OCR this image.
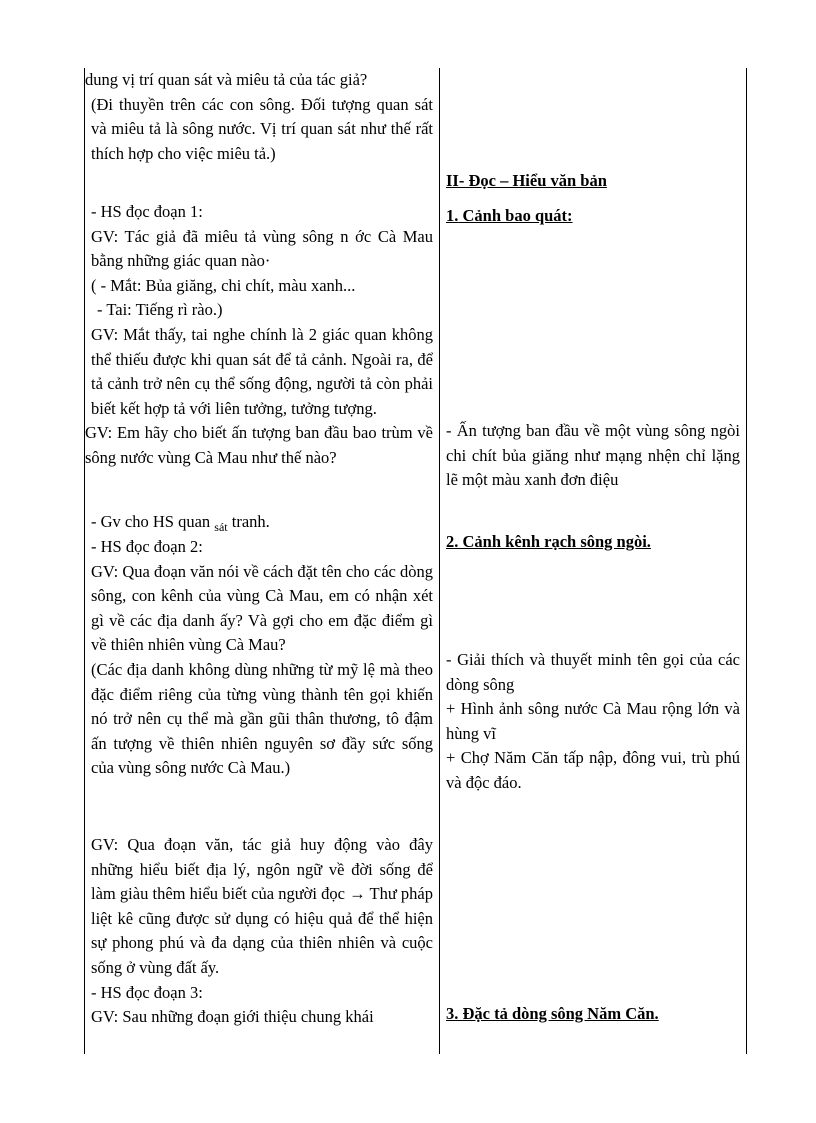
dung vị trí quan sát và miêu tả của tác giả?

(Đi thuyền trên các con sông. Đối tượng quan sát và miêu tả là sông nước. Vị trí quan sát như thế rất thích hợp cho việc miêu tả.)

- HS đọc đoạn 1:

GV: Tác giả đã miêu tả vùng sông n ớc Cà Mau bằng những giác quan nào·

( - Mắt: Bủa giăng, chi chít, màu xanh...

- Tai: Tiếng rì rào.)

GV: Mắt thấy, tai nghe chính là 2 giác quan không thể thiếu được khi quan sát để tả cảnh. Ngoài ra, để tả cảnh trở nên cụ thể sống động, người tả còn phải biết kết hợp tả với liên tưởng, tưởng tượng.

GV: Em hãy cho biết ấn tượng ban đầu bao trùm về sông nước vùng Cà Mau như thế nào?

- Gv cho HS quan $_{sát}$ tranh.

- HS đọc đoạn 2:

GV: Qua đoạn văn nói về cách đặt tên cho các dòng sông, con kênh của vùng Cà Mau, em có nhận xét gì về các địa danh ấy? Và gợi cho em đặc điểm gì về thiên nhiên vùng Cà Mau?

(Các địa danh không dùng những từ mỹ lệ mà theo đặc điểm riêng của từng vùng thành tên gọi khiến nó trở nên cụ thể mà gần gũi thân thương, tô đậm ấn tượng về thiên nhiên nguyên sơ đầy sức sống của vùng sông nước Cà Mau.)

GV: Qua đoạn văn, tác giả huy động vào đây những hiểu biết địa lý, ngôn ngữ về đời sống để làm giàu thêm hiểu biết của người đọc → Thư pháp liệt kê cũng được sử dụng có hiệu quả để thể hiện sự phong phú và đa dạng của thiên nhiên và cuộc sống ở vùng đất ấy.

- HS đọc đoạn 3:

GV: Sau những đoạn giới thiệu chung khái

II- Đọc – Hiểu văn bản
1. Cảnh bao quát:

- Ấn tượng ban đầu về một vùng sông ngòi chi chít bủa giăng như mạng nhện chỉ lặng lẽ một màu xanh đơn điệu

2. Cảnh kênh rạch sông ngòi.

- Giải thích và thuyết minh tên gọi của các dòng sông

+ Hình ảnh sông nước Cà Mau rộng lớn và hùng vĩ

+ Chợ Năm Căn tấp nập, đông vui, trù phú và độc đáo.

3. Đặc tả dòng sông Năm Căn.
